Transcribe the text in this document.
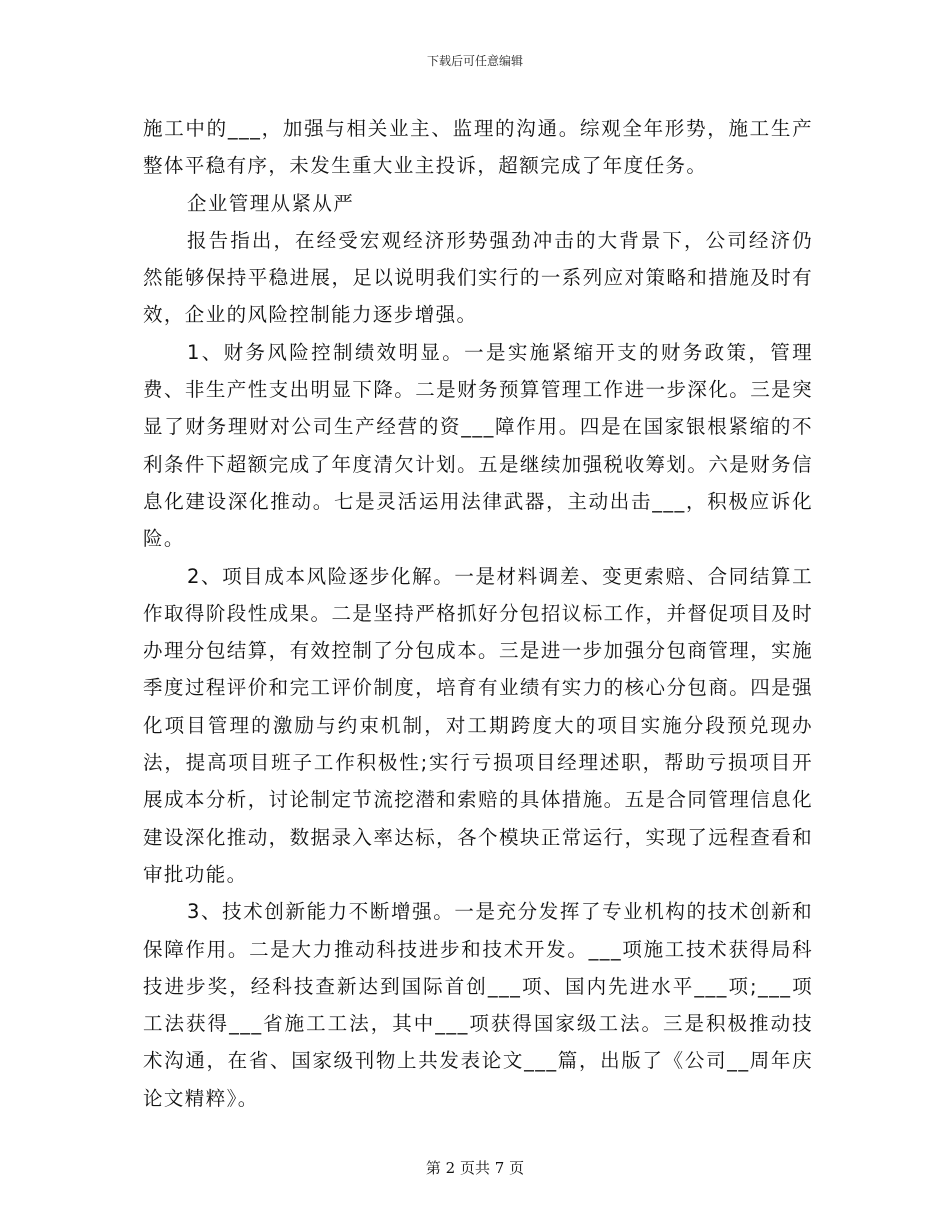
下载后可任意编辑

施工中的___，加强与相关业主、监理的沟通。综观全年形势，施工生产整体平稳有序，未发生重大业主投诉，超额完成了年度任务。

企业管理从紧从严

报告指出，在经受宏观经济形势强劲冲击的大背景下，公司经济仍然能够保持平稳进展，足以说明我们实行的一系列应对策略和措施及时有效，企业的风险控制能力逐步增强。

1、财务风险控制绩效明显。一是实施紧缩开支的财务政策，管理费、非生产性支出明显下降。二是财务预算管理工作进一步深化。三是突显了财务理财对公司生产经营的资___障作用。四是在国家银根紧缩的不利条件下超额完成了年度清欠计划。五是继续加强税收筹划。六是财务信息化建设深化推动。七是灵活运用法律武器，主动出击___，积极应诉化险。

2、项目成本风险逐步化解。一是材料调差、变更索赔、合同结算工作取得阶段性成果。二是坚持严格抓好分包招议标工作，并督促项目及时办理分包结算，有效控制了分包成本。三是进一步加强分包商管理，实施季度过程评价和完工评价制度，培育有业绩有实力的核心分包商。四是强化项目管理的激励与约束机制，对工期跨度大的项目实施分段预兑现办法，提高项目班子工作积极性;实行亏损项目经理述职，帮助亏损项目开展成本分析，讨论制定节流挖潜和索赔的具体措施。五是合同管理信息化建设深化推动，数据录入率达标，各个模块正常运行，实现了远程查看和审批功能。

3、技术创新能力不断增强。一是充分发挥了专业机构的技术创新和保障作用。二是大力推动科技进步和技术开发。___项施工技术获得局科技进步奖，经科技查新达到国际首创___项、国内先进水平___项;___项工法获得___省施工工法，其中___项获得国家级工法。三是积极推动技术沟通，在省、国家级刊物上共发表论文___篇，出版了《公司__周年庆论文精粹》。

第 2 页共 7 页
